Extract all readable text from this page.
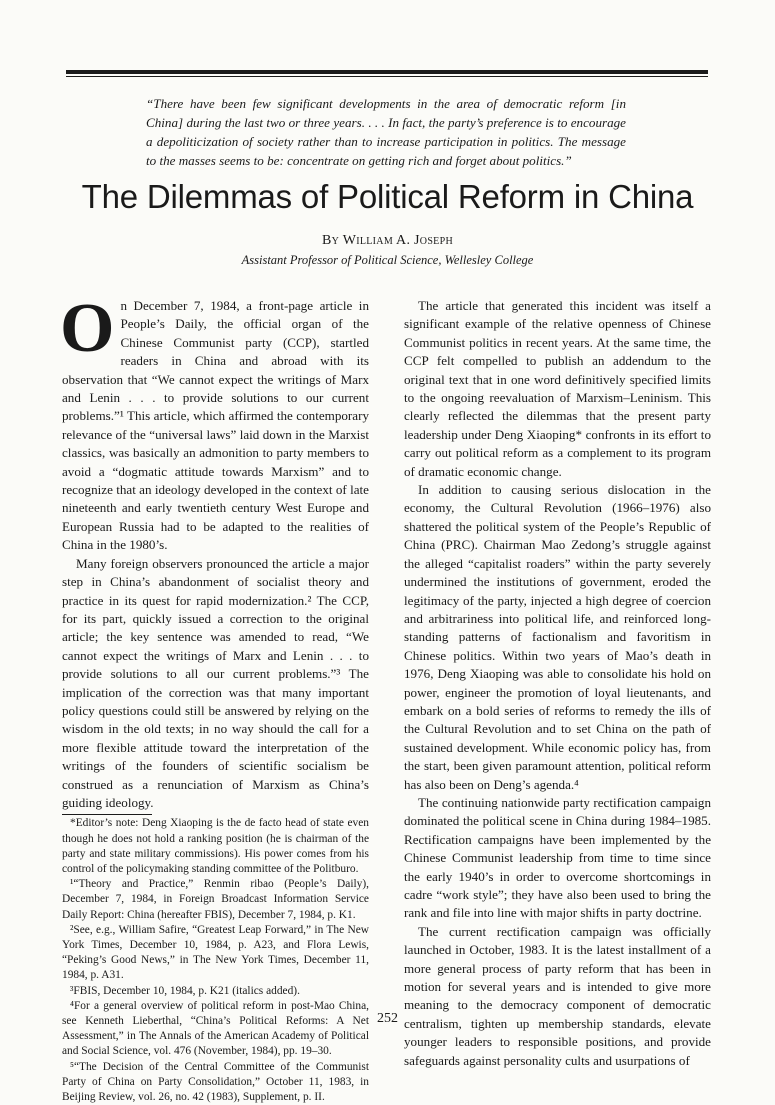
“There have been few significant developments in the area of democratic reform [in China] during the last two or three years. . . . In fact, the party’s preference is to encourage a depoliticization of society rather than to increase participation in politics. The message to the masses seems to be: concentrate on getting rich and forget about politics.”
The Dilemmas of Political Reform in China
By William A. Joseph
Assistant Professor of Political Science, Wellesley College

On December 7, 1984, a front-page article in People’s Daily, the official organ of the Chinese Communist party (CCP), startled readers in China and abroad with its observation that “We cannot expect the writings of Marx and Lenin . . . to provide solutions to our current problems.”¹ This article, which affirmed the contemporary relevance of the “universal laws” laid down in the Marxist classics, was basically an admonition to party members to avoid a “dogmatic attitude towards Marxism” and to recognize that an ideology developed in the context of late nineteenth and early twentieth century West Europe and European Russia had to be adapted to the realities of China in the 1980’s.

Many foreign observers pronounced the article a major step in China’s abandonment of socialist theory and practice in its quest for rapid modernization.² The CCP, for its part, quickly issued a correction to the original article; the key sentence was amended to read, “We cannot expect the writings of Marx and Lenin . . . to provide solutions to all our current problems.”³ The implication of the correction was that many important policy questions could still be answered by relying on the wisdom in the old texts; in no way should the call for a more flexible attitude toward the interpretation of the writings of the founders of scientific socialism be construed as a renunciation of Marxism as China’s guiding ideology.

*Editor’s note: Deng Xiaoping is the de facto head of state even though he does not hold a ranking position (he is chairman of the party and state military commissions). His power comes from his control of the policymaking standing committee of the Politburo.

¹“Theory and Practice,” Renmin ribao (People’s Daily), December 7, 1984, in Foreign Broadcast Information Service Daily Report: China (hereafter FBIS), December 7, 1984, p. K1.

²See, e.g., William Safire, “Greatest Leap Forward,” in The New York Times, December 10, 1984, p. A23, and Flora Lewis, “Peking’s Good News,” in The New York Times, December 11, 1984, p. A31.

³FBIS, December 10, 1984, p. K21 (italics added).

⁴For a general overview of political reform in post-Mao China, see Kenneth Lieberthal, “China’s Political Reforms: A Net Assessment,” in The Annals of the American Academy of Political and Social Science, vol. 476 (November, 1984), pp. 19–30.

⁵“The Decision of the Central Committee of the Communist Party of China on Party Consolidation,” October 11, 1983, in Beijing Review, vol. 26, no. 42 (1983), Supplement, p. II.

The article that generated this incident was itself a significant example of the relative openness of Chinese Communist politics in recent years. At the same time, the CCP felt compelled to publish an addendum to the original text that in one word definitively specified limits to the ongoing reevaluation of Marxism–Leninism. This clearly reflected the dilemmas that the present party leadership under Deng Xiaoping* confronts in its effort to carry out political reform as a complement to its program of dramatic economic change.

In addition to causing serious dislocation in the economy, the Cultural Revolution (1966–1976) also shattered the political system of the People’s Republic of China (PRC). Chairman Mao Zedong’s struggle against the alleged “capitalist roaders” within the party severely undermined the institutions of government, eroded the legitimacy of the party, injected a high degree of coercion and arbitrariness into political life, and reinforced long-standing patterns of factionalism and favoritism in Chinese politics. Within two years of Mao’s death in 1976, Deng Xiaoping was able to consolidate his hold on power, engineer the promotion of loyal lieutenants, and embark on a bold series of reforms to remedy the ills of the Cultural Revolution and to set China on the path of sustained development. While economic policy has, from the start, been given paramount attention, political reform has also been on Deng’s agenda.⁴

The continuing nationwide party rectification campaign dominated the political scene in China during 1984–1985. Rectification campaigns have been implemented by the Chinese Communist leadership from time to time since the early 1940’s in order to overcome shortcomings in cadre “work style”; they have also been used to bring the rank and file into line with major shifts in party doctrine.

The current rectification campaign was officially launched in October, 1983. It is the latest installment of a more general process of party reform that has been in motion for several years and is intended to give more meaning to the democracy component of democratic centralism, tighten up membership standards, elevate younger leaders to responsible positions, and provide safeguards against personality cults and usurpations of

252
